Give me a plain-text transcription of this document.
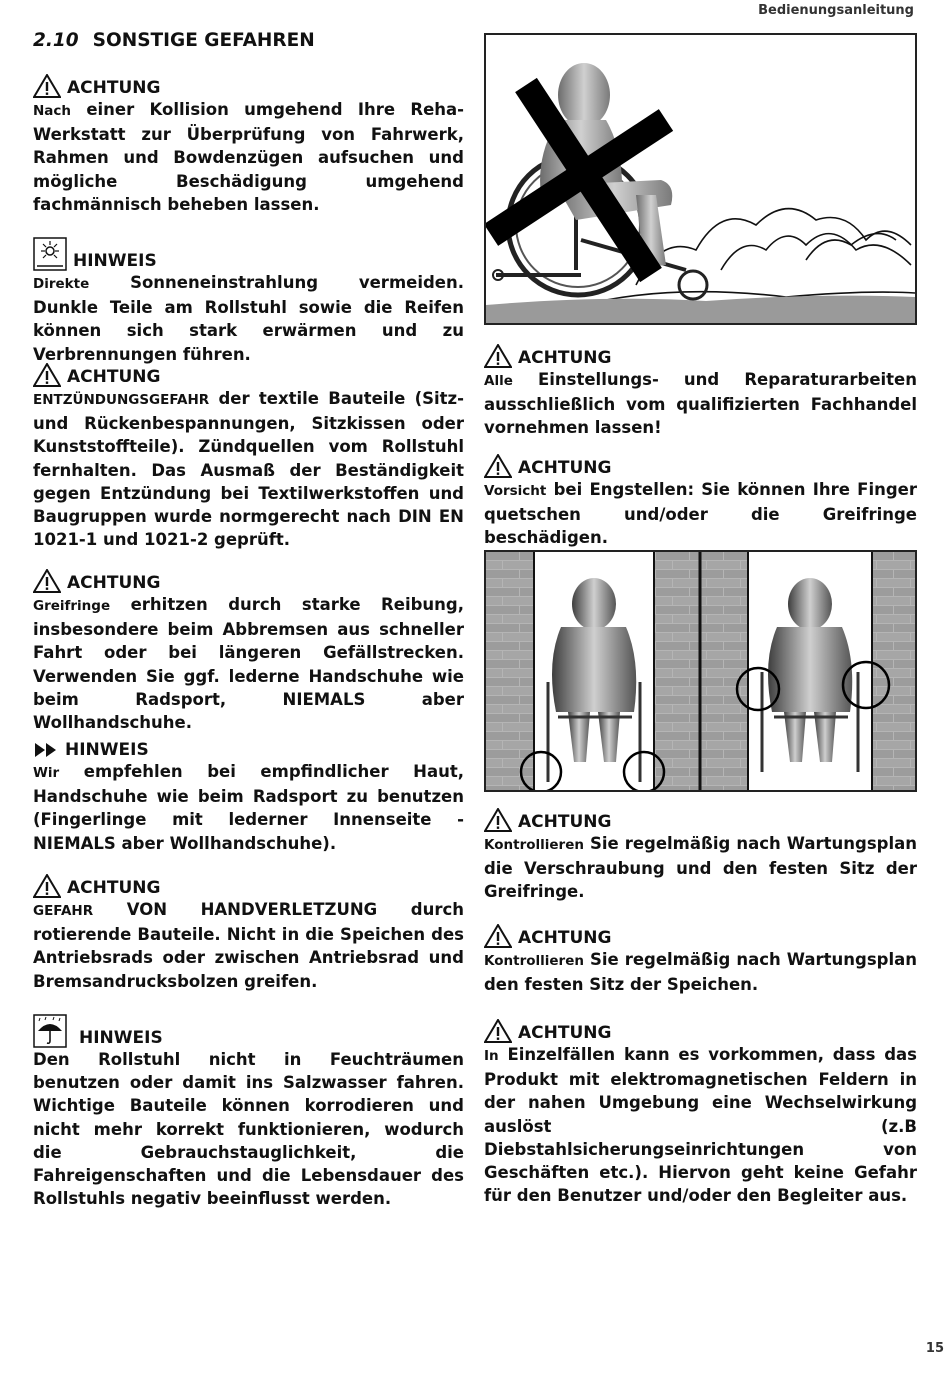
Bedienungsanleitung
2.10 SONSTIGE GEFAHREN
ACHTUNG
Nach einer Kollision umgehend Ihre Reha-Werkstatt zur Überprüfung von Fahrwerk, Rahmen und Bowdenzügen aufsuchen und mögliche Beschädigung umgehend fachmännisch beheben lassen.
HINWEIS
Direkte Sonneneinstrahlung vermeiden. Dunkle Teile am Rollstuhl sowie die Reifen können sich stark erwärmen und zu Verbrennungen führen.
ACHTUNG
ENTZÜNDUNGSGEFAHR der textile Bauteile (Sitz- und Rückenbespannungen, Sitzkissen oder Kunststoffteile). Zündquellen vom Rollstuhl fernhalten. Das Ausmaß der Beständigkeit gegen Entzündung bei Textilwerkstoffen und Baugruppen wurde normgerecht nach DIN EN 1021-1 und 1021-2 geprüft.
ACHTUNG
Greifringe erhitzen durch starke Reibung, insbesondere beim Abbremsen aus schneller Fahrt oder bei längeren Gefällstrecken. Verwenden Sie ggf. lederne Handschuhe wie beim Radsport, NIEMALS aber Wollhandschuhe.
HINWEIS
Wir empfehlen bei empfindlicher Haut, Handschuhe wie beim Radsport zu benutzen (Fingerlinge mit lederner Innenseite - NIEMALS aber Wollhandschuhe).
ACHTUNG
GEFAHR VON HANDVERLETZUNG durch rotierende Bauteile. Nicht in die Speichen des Antriebsrads oder zwischen Antriebsrad und Bremsandrucksbolzen greifen.
HINWEIS
Den Rollstuhl nicht in Feuchträumen benutzen oder damit ins Salzwasser fahren. Wichtige Bauteile können korrodieren und nicht mehr korrekt funktionieren, wodurch die Gebrauchstauglichkeit, die Fahreigenschaften und die Lebensdauer des Rollstuhls negativ beeinflusst werden.
ACHTUNG
Alle Einstellungs- und Reparaturarbeiten ausschließlich vom qualifizierten Fachhandel vornehmen lassen!
ACHTUNG
Vorsicht bei Engstellen: Sie können Ihre Finger quetschen und/oder die Greifringe beschädigen.
ACHTUNG
Kontrollieren Sie regelmäßig nach Wartungsplan die Verschraubung und den festen Sitz der Greifringe.
ACHTUNG
Kontrollieren Sie regelmäßig nach Wartungsplan den festen Sitz der Speichen.
ACHTUNG
In Einzelfällen kann es vorkommen, dass das Produkt mit elektromagnetischen Feldern in der nahen Umgebung eine Wechselwirkung auslöst (z.B Diebstahlsicherungseinrichtungen von Geschäften etc.). Hiervon geht keine Gefahr für den Benutzer und/oder den Begleiter aus.
15
